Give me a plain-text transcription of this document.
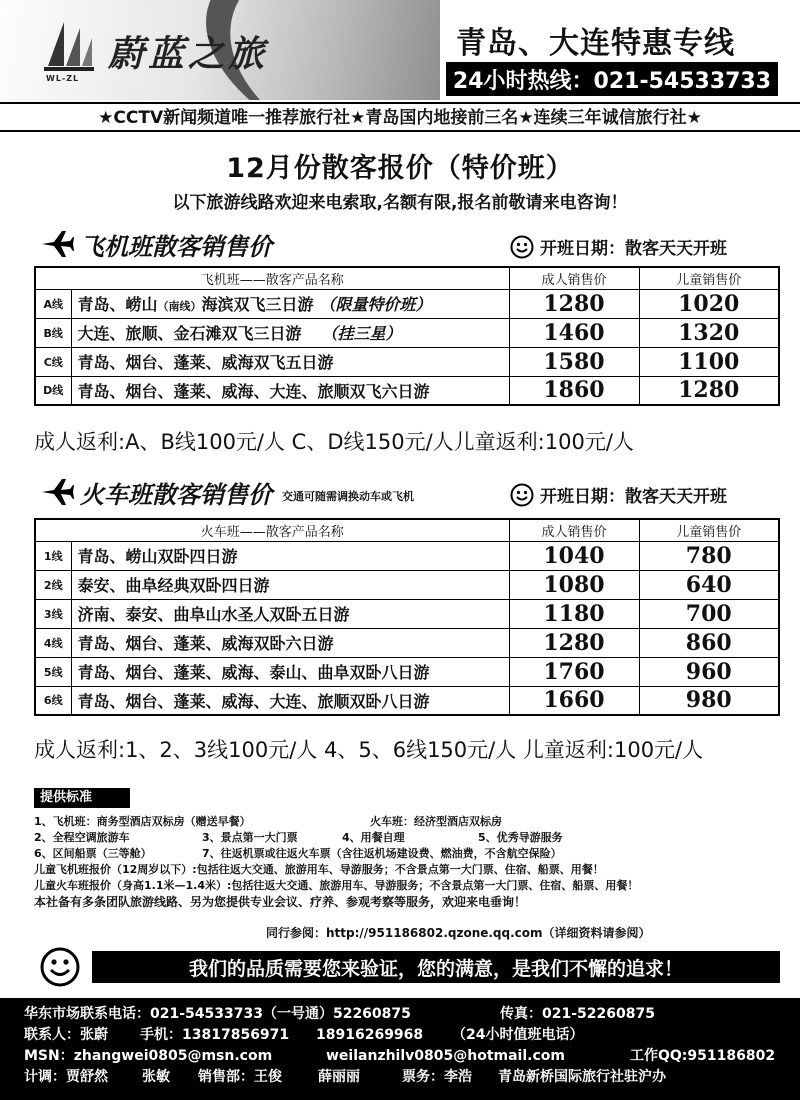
WL-ZL
蔚蓝之旅	青岛、大连特惠专线
24小时热线：021-54533733
★CCTV新闻频道唯一推荐旅行社★青岛国内地接前三名★连续三年诚信旅行社★
12月份散客报价（特价班）
以下旅游线路欢迎来电索取,名额有限,报名前敬请来电咨询！
飞机班散客销售价	开班日期：散客天天开班
飞机班——散客产品名称		成人销售价	儿童销售价
A线	青岛、崂山（南线）海滨双飞三日游 （限量特价班）	1280	1020
B线	大连、旅顺、金石滩双飞三日游 （挂三星）	1460	1320
C线	青岛、烟台、蓬莱、威海双飞五日游	1580	1100
D线	青岛、烟台、蓬莱、威海、大连、旅顺双飞六日游	1860	1280
成人返利:A、B线100元/人 C、D线150元/人儿童返利:100元/人
火车班散客销售价 交通可随需调换动车或飞机	开班日期：散客天天开班
火车班——散客产品名称		成人销售价	儿童销售价
1线	青岛、崂山双卧四日游	1040	780
2线	泰安、曲阜经典双卧四日游	1080	640
3线	济南、泰安、曲阜山水圣人双卧五日游	1180	700
4线	青岛、烟台、蓬莱、威海双卧六日游	1280	860
5线	青岛、烟台、蓬莱、威海、泰山、曲阜双卧八日游	1760	960
6线	青岛、烟台、蓬莱、威海、大连、旅顺双卧八日游	1660	980
成人返利:1、2、3线100元/人 4、5、6线150元/人 儿童返利:100元/人
提供标准
1、飞机班：商务型酒店双标房（赠送早餐）	火车班：经济型酒店双标房
2、全程空调旅游车	3、景点第一大门票	4、用餐自理	5、优秀导游服务
6、区间船票（三等舱）	7、往返机票或往返火车票（含往返机场建设费、燃油费，不含航空保险）
儿童飞机班报价（12周岁以下）:包括往返大交通、旅游用车、导游服务；不含景点第一大门票、住宿、船票、用餐！
儿童火车班报价（身高1.1米—1.4米）:包括往返大交通、旅游用车、导游服务；不含景点第一大门票、住宿、船票、用餐！
本社备有多条团队旅游线路、另为您提供专业会议、疗养、参观考察等服务，欢迎来电垂询！
同行参阅：http://951186802.qzone.qq.com（详细资料请参阅）
我们的品质需要您来验证，您的满意，是我们不懈的追求！
华东市场联系电话：021-54533733（一号通）52260875	传真：021-52260875
联系人：张蔚	手机：13817856971	18916269968	（24小时值班电话）
MSN：zhangwei0805@msn.com	weilanzhilv0805@hotmail.com	工作QQ:951186802
计调：贾舒然	张敏	销售部：王俊	薛丽丽	票务：李浩	青岛新桥国际旅行社驻沪办
